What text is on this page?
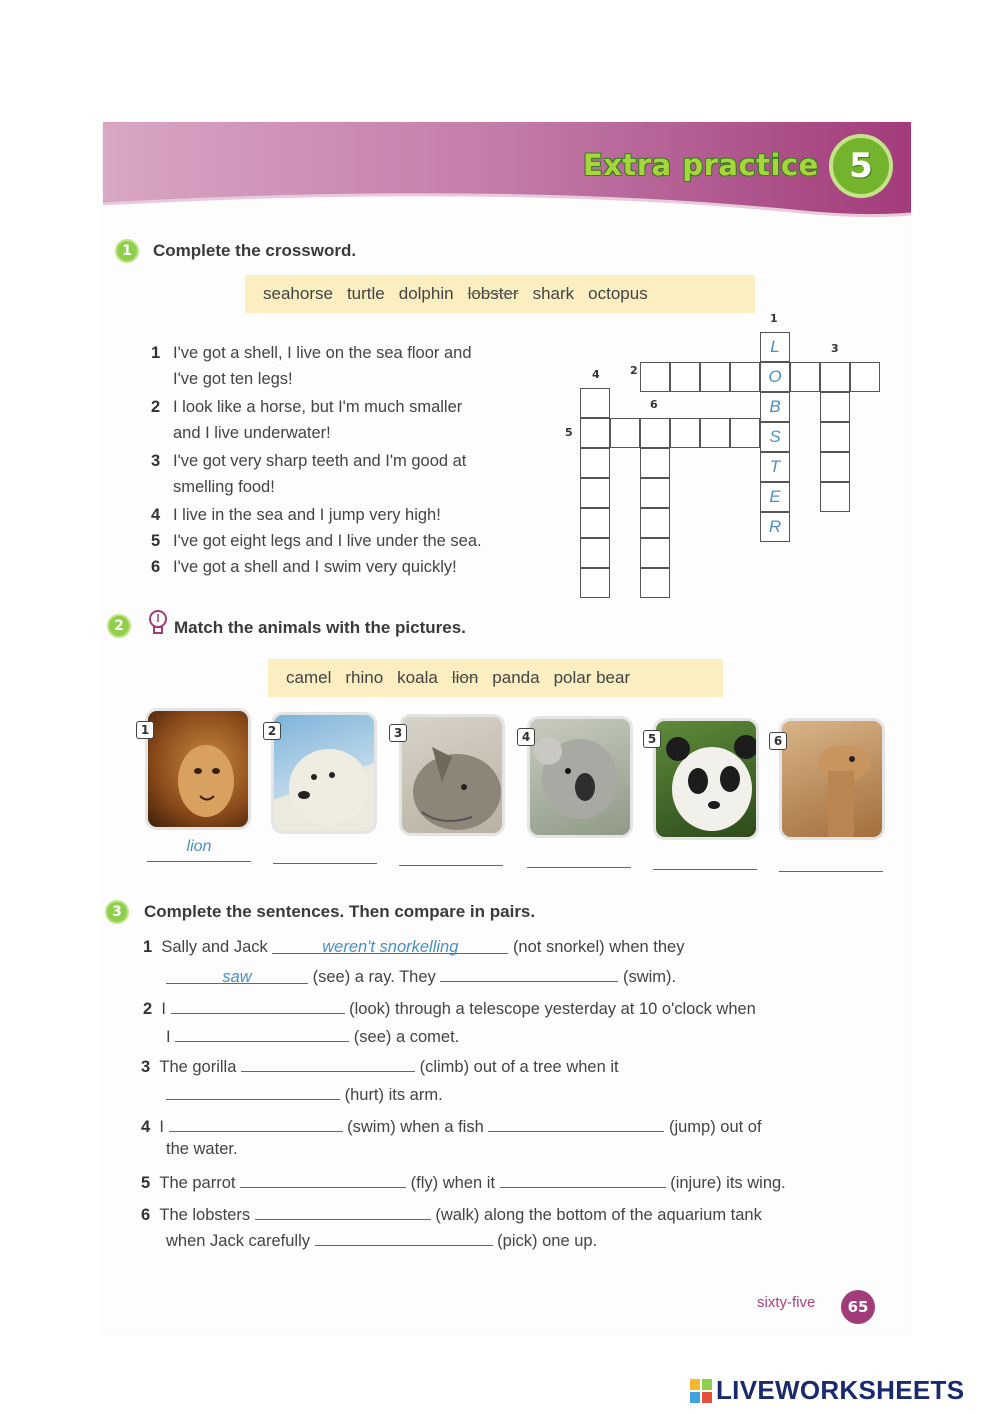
Extra practice 5
1	Complete the crossword.
seahorse turtle dolphin lobster shark octopus
1 I've got a shell, I live on the sea floor and
I've got ten legs!
2 I look like a horse, but I'm much smaller
and I live underwater!
3 I've got very sharp teeth and I'm good at
smelling food!
4 I live in the sea and I jump very high!
5 I've got eight legs and I live under the sea.
6 I've got a shell and I swim very quickly!
1
2
3
4
5
6
L
O
B
S
T
E
R
2	Match the animals with the pictures.
camel rhino koala lion panda polar bear
1	2	3	4	5	6
lion
3	Complete the sentences. Then compare in pairs.
1 Sally and Jack	weren't snorkelling	(not snorkel) when they
saw	(see) a ray. They	(swim).
2 I	(look) through a telescope yesterday at 10 o'clock when
I	(see) a comet.
3 The gorilla	(climb) out of a tree when it
(hurt) its arm.
4 I	(swim) when a fish	(jump) out of
the water.
5 The parrot	(fly) when it	(injure) its wing.
6 The lobsters	(walk) along the bottom of the aquarium tank
when Jack carefully	(pick) one up.
sixty-five	65
LIVEWORKSHEETS
